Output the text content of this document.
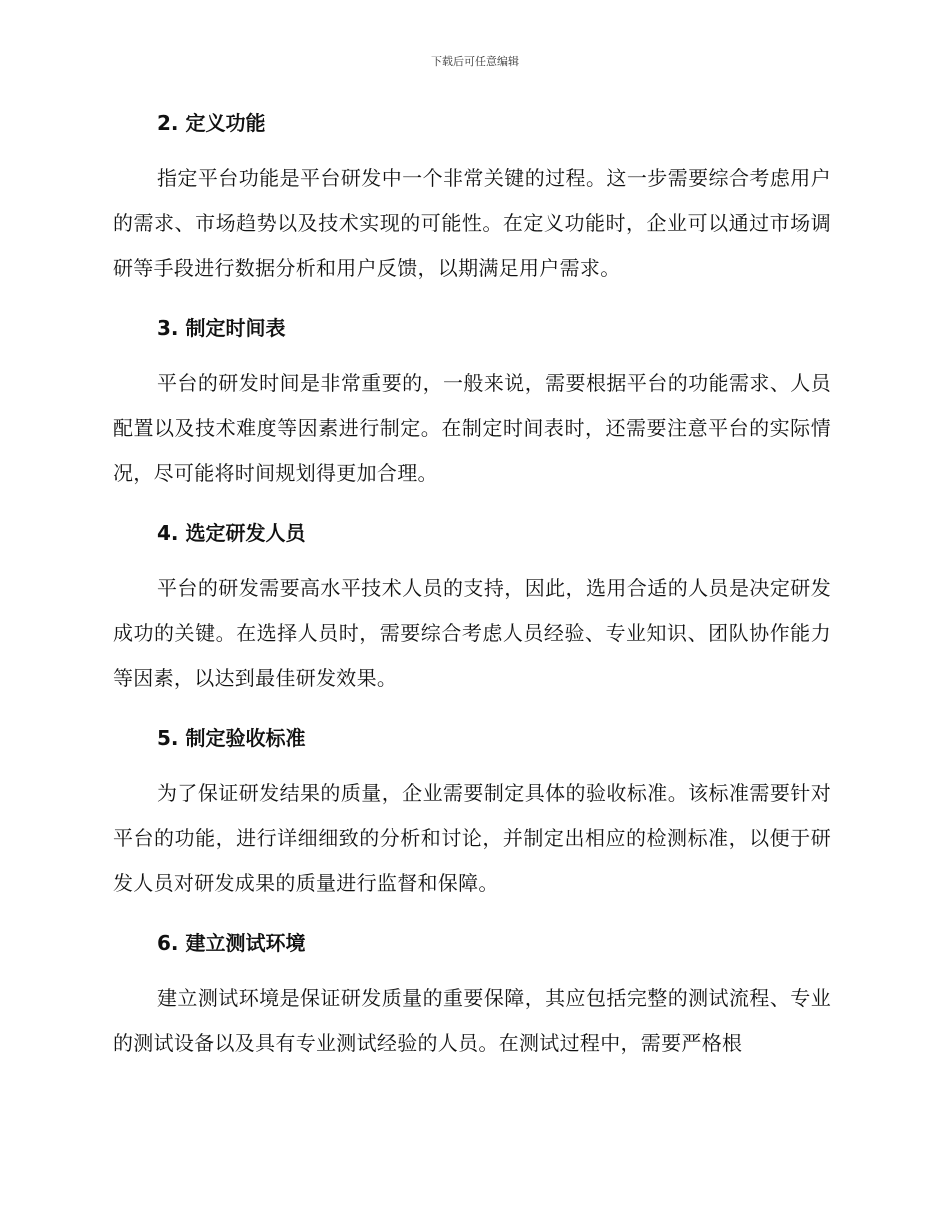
下载后可任意编辑
2. 定义功能

指定平台功能是平台研发中一个非常关键的过程。这一步需要综合考虑用户的需求、市场趋势以及技术实现的可能性。在定义功能时，企业可以通过市场调研等手段进行数据分析和用户反馈，以期满足用户需求。

3. 制定时间表

平台的研发时间是非常重要的，一般来说，需要根据平台的功能需求、人员配置以及技术难度等因素进行制定。在制定时间表时，还需要注意平台的实际情况，尽可能将时间规划得更加合理。

4. 选定研发人员

平台的研发需要高水平技术人员的支持，因此，选用合适的人员是决定研发成功的关键。在选择人员时，需要综合考虑人员经验、专业知识、团队协作能力等因素，以达到最佳研发效果。

5. 制定验收标准

为了保证研发结果的质量，企业需要制定具体的验收标准。该标准需要针对平台的功能，进行详细细致的分析和讨论，并制定出相应的检测标准，以便于研发人员对研发成果的质量进行监督和保障。

6. 建立测试环境

建立测试环境是保证研发质量的重要保障，其应包括完整的测试流程、专业的测试设备以及具有专业测试经验的人员。在测试过程中，需要严格根
